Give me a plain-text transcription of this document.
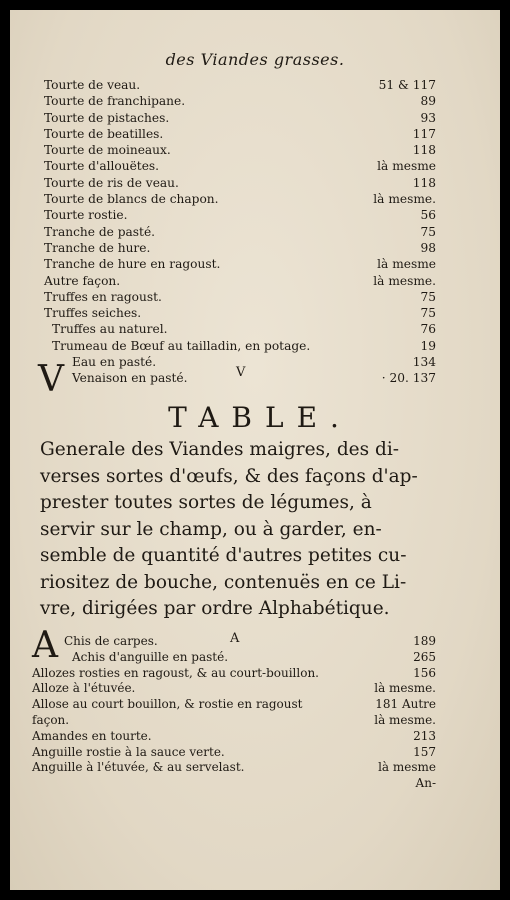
des Viandes grasses.
Tourte de veau.	51 & 117
Tourte de franchipane.	89
Tourte de pistaches.	93
Tourte de beatilles.	117
Tourte de moineaux.	118
Tourte d'allouëtes.	là mesme
Tourte de ris de veau.	118
Tourte de blancs de chapon.	là mesme.
Tourte rostie.	56
Tranche de pasté.	75
Tranche de hure.	98
Tranche de hure en ragoust.	là mesme
Autre façon.	là mesme.
Truffes en ragoust.	75
Truffes seiches.	75
Truffes au naturel.	76
Trumeau de Bœuf au tailladin, en potage.	19
Eau en pasté.	134
Venaison en pasté.	· 20. 137
V	V
TABLE.
Generale des Viandes maigres, des di-
verses sortes d'œufs, & des façons d'ap-
prester toutes sortes de légumes, à
servir sur le champ, ou à garder, en-
semble de quantité d'autres petites cu-
riositez de bouche, contenuës en ce Li-
vre, dirigées par ordre Alphabétique.
A	A
Chis de carpes.	189
Achis d'anguille en pasté.	265
Allozes rosties en ragoust, & au court-bouillon.	156
Alloze à l'étuvée.	là mesme.
Allose au court bouillon, & rostie en ragoust	181 Autre
façon.	là mesme.
Amandes en tourte.	213
Anguille rostie à la sauce verte.	157
Anguille à l'étuvée, & au servelast.	là mesme
An-
